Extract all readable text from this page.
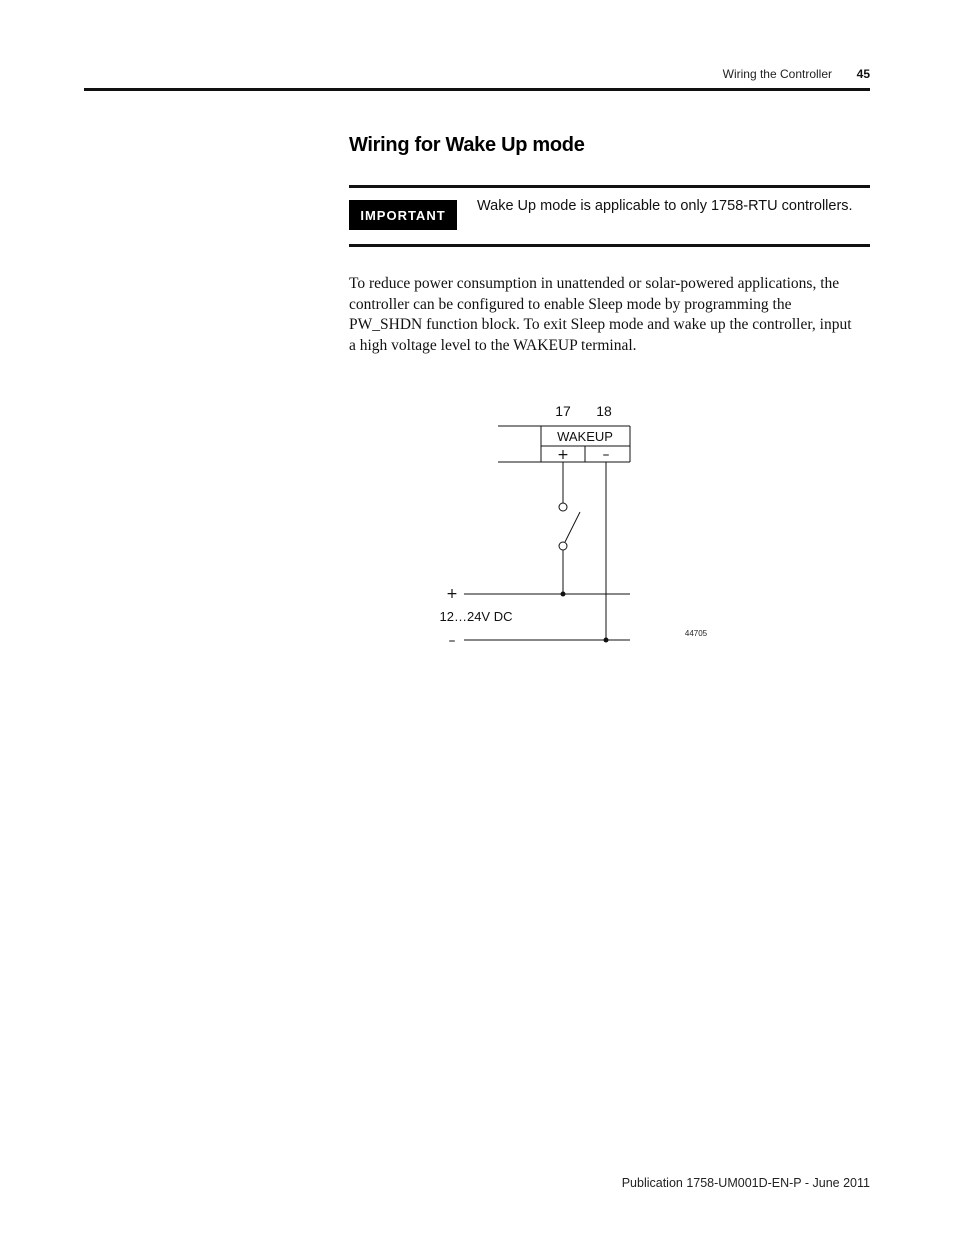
Wiring the Controller 45
Wiring for Wake Up mode
IMPORTANT
Wake Up mode is applicable to only 1758-RTU controllers.
To reduce power consumption in unattended or solar-powered applications, the controller can be configured to enable Sleep mode by programming the PW_SHDN function block. To exit Sleep mode and wake up the controller, input a high voltage level to the WAKEUP terminal.
17 18
WAKEUP
+ –
+
12…24V DC
–	44705
Publication 1758-UM001D-EN-P - June 2011
